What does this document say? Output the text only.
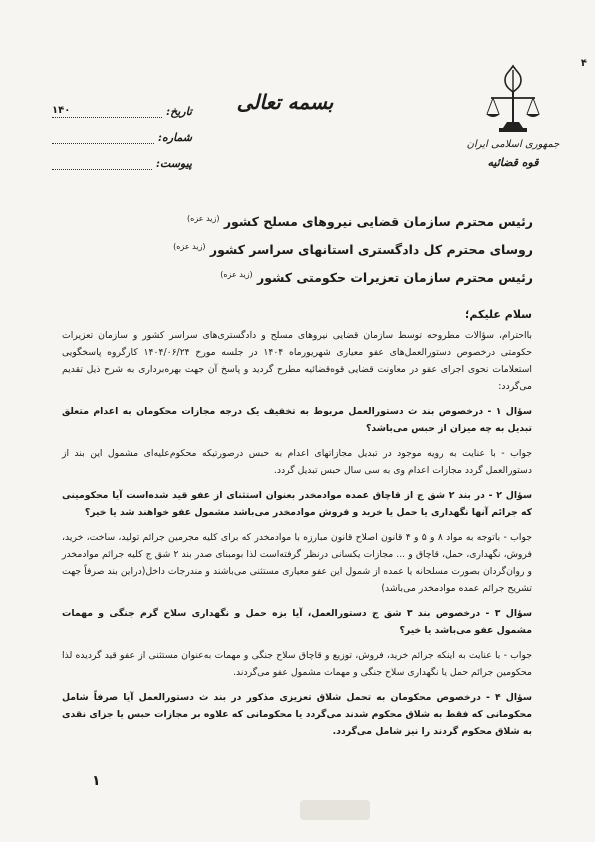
۴
جمهوری اسلامی ایران
قوه قضائیه
بسمه تعالی
تاریخ:
۱۴۰
شماره:
پیوست:
رئیس محترم سازمان قضایی نیروهای مسلح کشور $^{(زید عزه)}$
روسای محترم کل دادگستری استانهای سراسر کشور $^{(زید عزه)}$
رئیس محترم سازمان تعزیرات حکومتی کشور $^{(زید عزه)}$
سلام علیکم؛

بااحترام، سؤالات مطروحه توسط سازمان قضایی نیروهای مسلح و دادگستری‌های سراسر کشور و سازمان تعزیرات حکومتی درخصوص دستورالعمل‌های عفو معیاری شهریورماه ۱۴۰۴ در جلسه مورخ ۱۴۰۴/۰۶/۲۴ کارگروه پاسخگویی استعلامات نحوی اجرای عفو در معاونت قضایی قوه‌قضائیه مطرح گردید و پاسخ آن جهت بهره‌برداری به شرح ذیل تقدیم می‌گردد:

سؤال ۱ - درخصوص بند ث دستورالعمل مربوط به تخفیف یک درجه مجازات محکومان به اعدام متعلق تبدیل به چه میزان از حبس می‌باشد؟

جواب - با عنایت به رویه موجود در تبدیل مجازاتهای اعدام به حبس درصورتیکه محکوم‌علیه‌ای مشمول این بند از دستورالعمل گردد مجازات اعدام وی به سی سال حبس تبدیل گردد.

سؤال ۲ - در بند ۲ شق ج از قاچاق عمده موادمخدر بعنوان استثنای از عفو قید شده‌است آیا محکومینی که جرائم آنها نگهداری یا حمل یا خرید و فروش موادمخدر می‌باشد مشمول عفو خواهند شد یا خیر؟

جواب - باتوجه به مواد ۸ و ۵ و ۴ قانون اصلاح قانون مبارزه با موادمخدر که برای کلیه مجرمین جرائم تولید، ساخت، خرید، فروش، نگهداری، حمل، قاچاق و ... مجازات یکسانی درنظر گرفته‌است لذا بومبنای صدر بند ۲ شق ج کلیه جرائم موادمخدر و روان‌گردان بصورت مسلحانه یا عمده از شمول این عفو معیاری مستثنی می‌باشند و مندرجات داخل(دراین بند صرفاً جهت تشریح جرائم عمده موادمخدر می‌باشد)

سؤال ۳ - درخصوص بند ۳ شق ج دستورالعمل، آیا بزه حمل و نگهداری سلاح گرم جنگی و مهمات مشمول عفو می‌باشد یا خیر؟

جواب - با عنایت به اینکه جرائم خرید، فروش، توزیع و قاچاق سلاح جنگی و مهمات به‌عنوان مستثنی از عفو قید گردیده لذا محکومین جرائم حمل یا نگهداری سلاح جنگی و مهمات مشمول عفو می‌گردند.

سؤال ۴ - درخصوص محکومان به تحمل شلاق تعزیزی مذکور در بند ث دستورالعمل آیا صرفاً شامل محکومانی که فقط به شلاق محکوم شدند می‌گردد یا محکومانی که علاوه بر مجازات حبس یا جزای نقدی به شلاق محکوم گردند را نیز شامل می‌گردد.

۱
